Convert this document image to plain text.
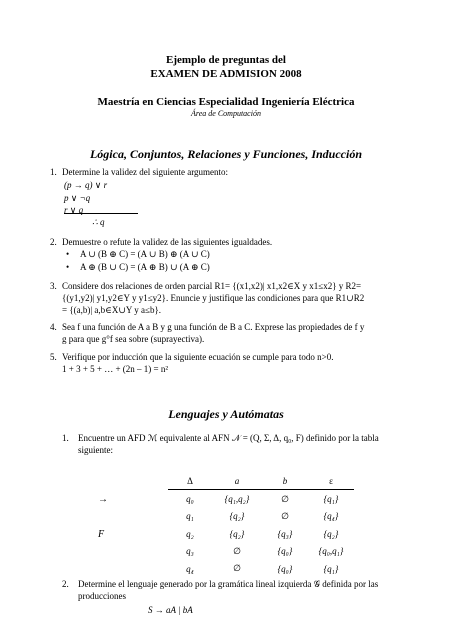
Ejemplo de preguntas del
EXAMEN DE ADMISION 2008
Maestría en Ciencias Especialidad Ingeniería Eléctrica
Área de Computación
Lógica, Conjuntos, Relaciones y Funciones, Inducción
1. Determine la validez del siguiente argumento:
(p → q) ∨ r
p ∨ ¬q
r ∨ q
∴ q
2. Demuestre o refute la validez de las siguientes igualdades.
• A ∪ (B ⊕ C) = (A ∪ B) ⊕ (A ∪ C)
• A ⊕ (B ∪ C) = (A ⊕ B) ∪ (A ⊕ C)
3. Considere dos relaciones de orden parcial R1= {(x1,x2)| x1,x2∈X y x1≤x2} y R2=
{(y1,y2)| y1,y2∈Y y y1≤y2}. Enuncie y justifique las condiciones para que R1∪R2
= {(a,b)| a,b∈X∪Y y a≤b}.
4. Sea f una función de A a B y g una función de B a C. Exprese las propiedades de f y
g para que g°f sea sobre (suprayectiva).
5. Verifique por inducción que la siguiente ecuación se cumple para todo n>0.
1 + 3 + 5 + … + (2n – 1) = n²
Lenguajes y Autómatas
1. Encuentre un AFD ℳ equivalente al AFN 𝒩 = (Q, Σ, Δ, q₀, F) definido por la tabla
siguiente:
→
F
Δ	a	b	ε
q₀	{q₁,q₂}	∅	{q₁}
q₁	{q₂}	∅	{q₄}
q₂	{q₂}	{q₃}	{q₂}
q₃	∅	{q₀}	{q₀,q₁}
q₄	∅	{q₀}	{q₁}
2. Determine el lenguaje generado por la gramática lineal izquierda 𝒢 definida por las
producciones
S → aA | bA
